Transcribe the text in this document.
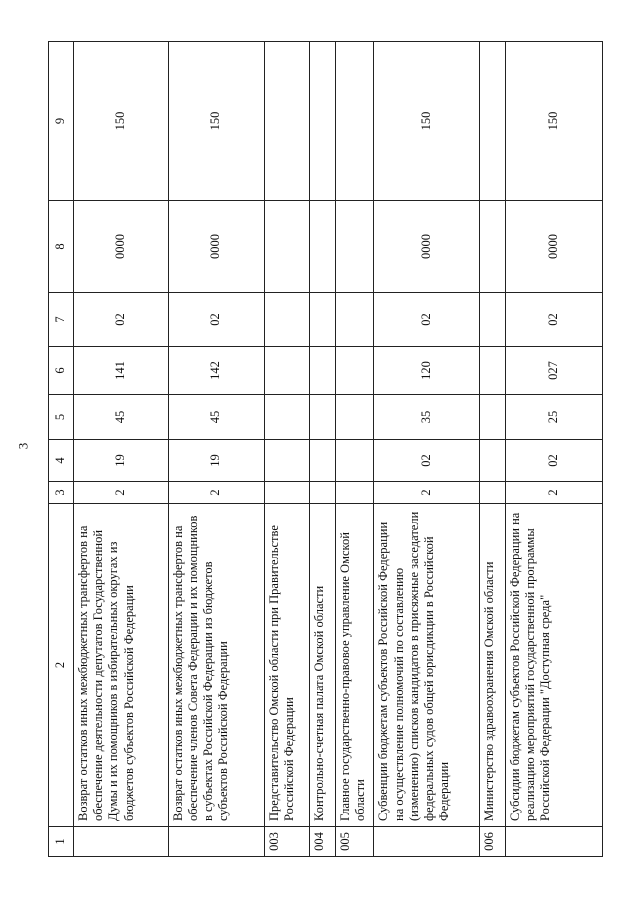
3
1	2	3	4	5	6	7	8	9
	Возврат остатков иных межбюджетных трансфертов на обеспечение деятельности депутатов Государственной Думы и их помощников в избирательных округах из бюджетов субъектов Российской Федерации	2	19	45	141	02	0000	150
	Возврат остатков иных межбюджетных трансфертов на обеспечение членов Совета Федерации и их помощников в субъектах Российской Федерации из бюджетов субъектов Российской Федерации	2	19	45	142	02	0000	150
003	Представительство Омской области при Правительстве Российской Федерации							
004	Контрольно-счетная палата Омской области							
005	Главное государственно-правовое управление Омской области							
	Субвенции бюджетам субъектов Российской Федерации на осуществление полномочий по составлению (изменению) списков кандидатов в присяжные заседатели федеральных судов общей юрисдикции в Российской Федерации	2	02	35	120	02	0000	150
006	Министерство здравоохранения Омской области							
	Субсидии бюджетам субъектов Российской Федерации на реализацию мероприятий государственной программы Российской Федерации "Доступная среда"	2	02	25	027	02	0000	150
